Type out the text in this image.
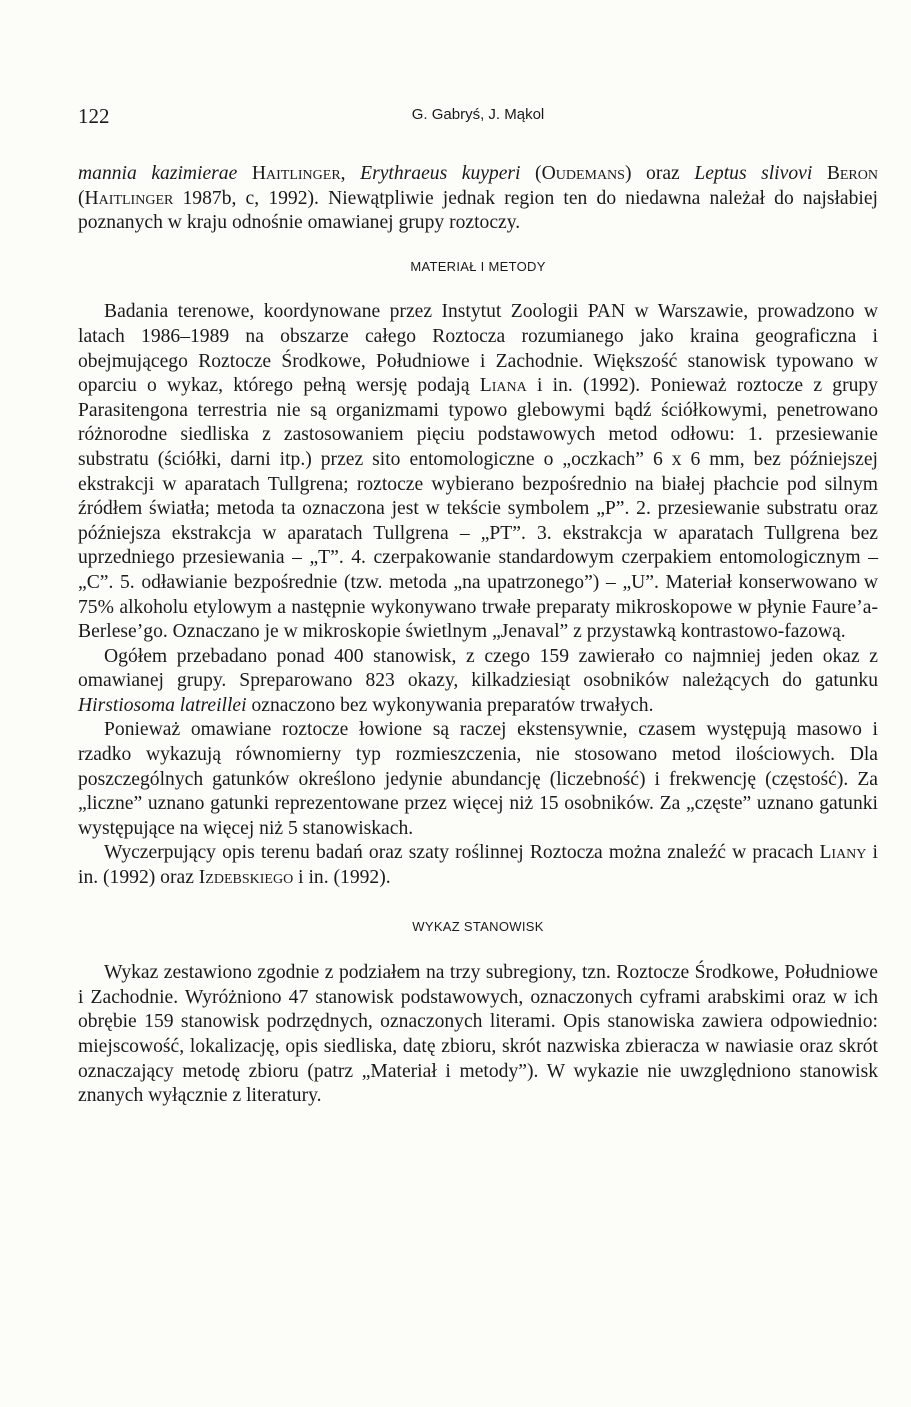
122	G. Gabryś, J. Mąkol

mannia kazimierae Haitlinger, Erythraeus kuyperi (Oudemans) oraz Leptus slivovi Beron (Haitlinger 1987b, c, 1992). Niewątpliwie jednak region ten do niedawna należał do najsłabiej poznanych w kraju odnośnie omawianej grupy roztoczy.

MATERIAŁ I METODY

Badania terenowe, koordynowane przez Instytut Zoologii PAN w Warszawie, prowadzono w latach 1986–1989 na obszarze całego Roztocza rozumianego jako kraina geograficzna i obejmującego Roztocze Środkowe, Południowe i Zachodnie. Większość stanowisk typowano w oparciu o wykaz, którego pełną wersję podają Liana i in. (1992). Ponieważ roztocze z grupy Parasitengona terrestria nie są organizmami typowo glebowymi bądź ściółkowymi, penetrowano różnorodne siedliska z zastosowaniem pięciu podstawowych metod odłowu: 1. przesiewanie substratu (ściółki, darni itp.) przez sito entomologiczne o „oczkach” 6 x 6 mm, bez późniejszej ekstrakcji w aparatach Tullgrena; roztocze wybierano bezpośrednio na białej płachcie pod silnym źródłem światła; metoda ta oznaczona jest w tekście symbolem „P”. 2. przesiewanie substratu oraz późniejsza ekstrakcja w aparatach Tullgrena – „PT”. 3. ekstrakcja w aparatach Tullgrena bez uprzedniego przesiewania – „T”. 4. czerpakowanie standardowym czerpakiem entomologicznym – „C”. 5. odławianie bezpośrednie (tzw. metoda „na upatrzonego”) – „U”. Materiał konserwowano w 75% alkoholu etylowym a następnie wykonywano trwałe preparaty mikroskopowe w płynie Faure’a-Berlese’go. Oznaczano je w mikroskopie świetlnym „Jenaval” z przystawką kontrastowo-fazową.

Ogółem przebadano ponad 400 stanowisk, z czego 159 zawierało co najmniej jeden okaz z omawianej grupy. Spreparowano 823 okazy, kilkadziesiąt osobników należących do gatunku Hirstiosoma latreillei oznaczono bez wykonywania preparatów trwałych.

Ponieważ omawiane roztocze łowione są raczej ekstensywnie, czasem występują masowo i rzadko wykazują równomierny typ rozmieszczenia, nie stosowano metod ilościowych. Dla poszczególnych gatunków określono jedynie abundancję (liczebność) i frekwencję (częstość). Za „liczne” uznano gatunki reprezentowane przez więcej niż 15 osobników. Za „częste” uznano gatunki występujące na więcej niż 5 stanowiskach.

Wyczerpujący opis terenu badań oraz szaty roślinnej Roztocza można znaleźć w pracach Liany i in. (1992) oraz Izdebskiego i in. (1992).

WYKAZ STANOWISK

Wykaz zestawiono zgodnie z podziałem na trzy subregiony, tzn. Roztocze Środkowe, Południowe i Zachodnie. Wyróżniono 47 stanowisk podstawowych, oznaczonych cyframi arabskimi oraz w ich obrębie 159 stanowisk podrzędnych, oznaczonych literami. Opis stanowiska zawiera odpowiednio: miejscowość, lokalizację, opis siedliska, datę zbioru, skrót nazwiska zbieracza w nawiasie oraz skrót oznaczający metodę zbioru (patrz „Materiał i metody”). W wykazie nie uwzględniono stanowisk znanych wyłącznie z literatury.
